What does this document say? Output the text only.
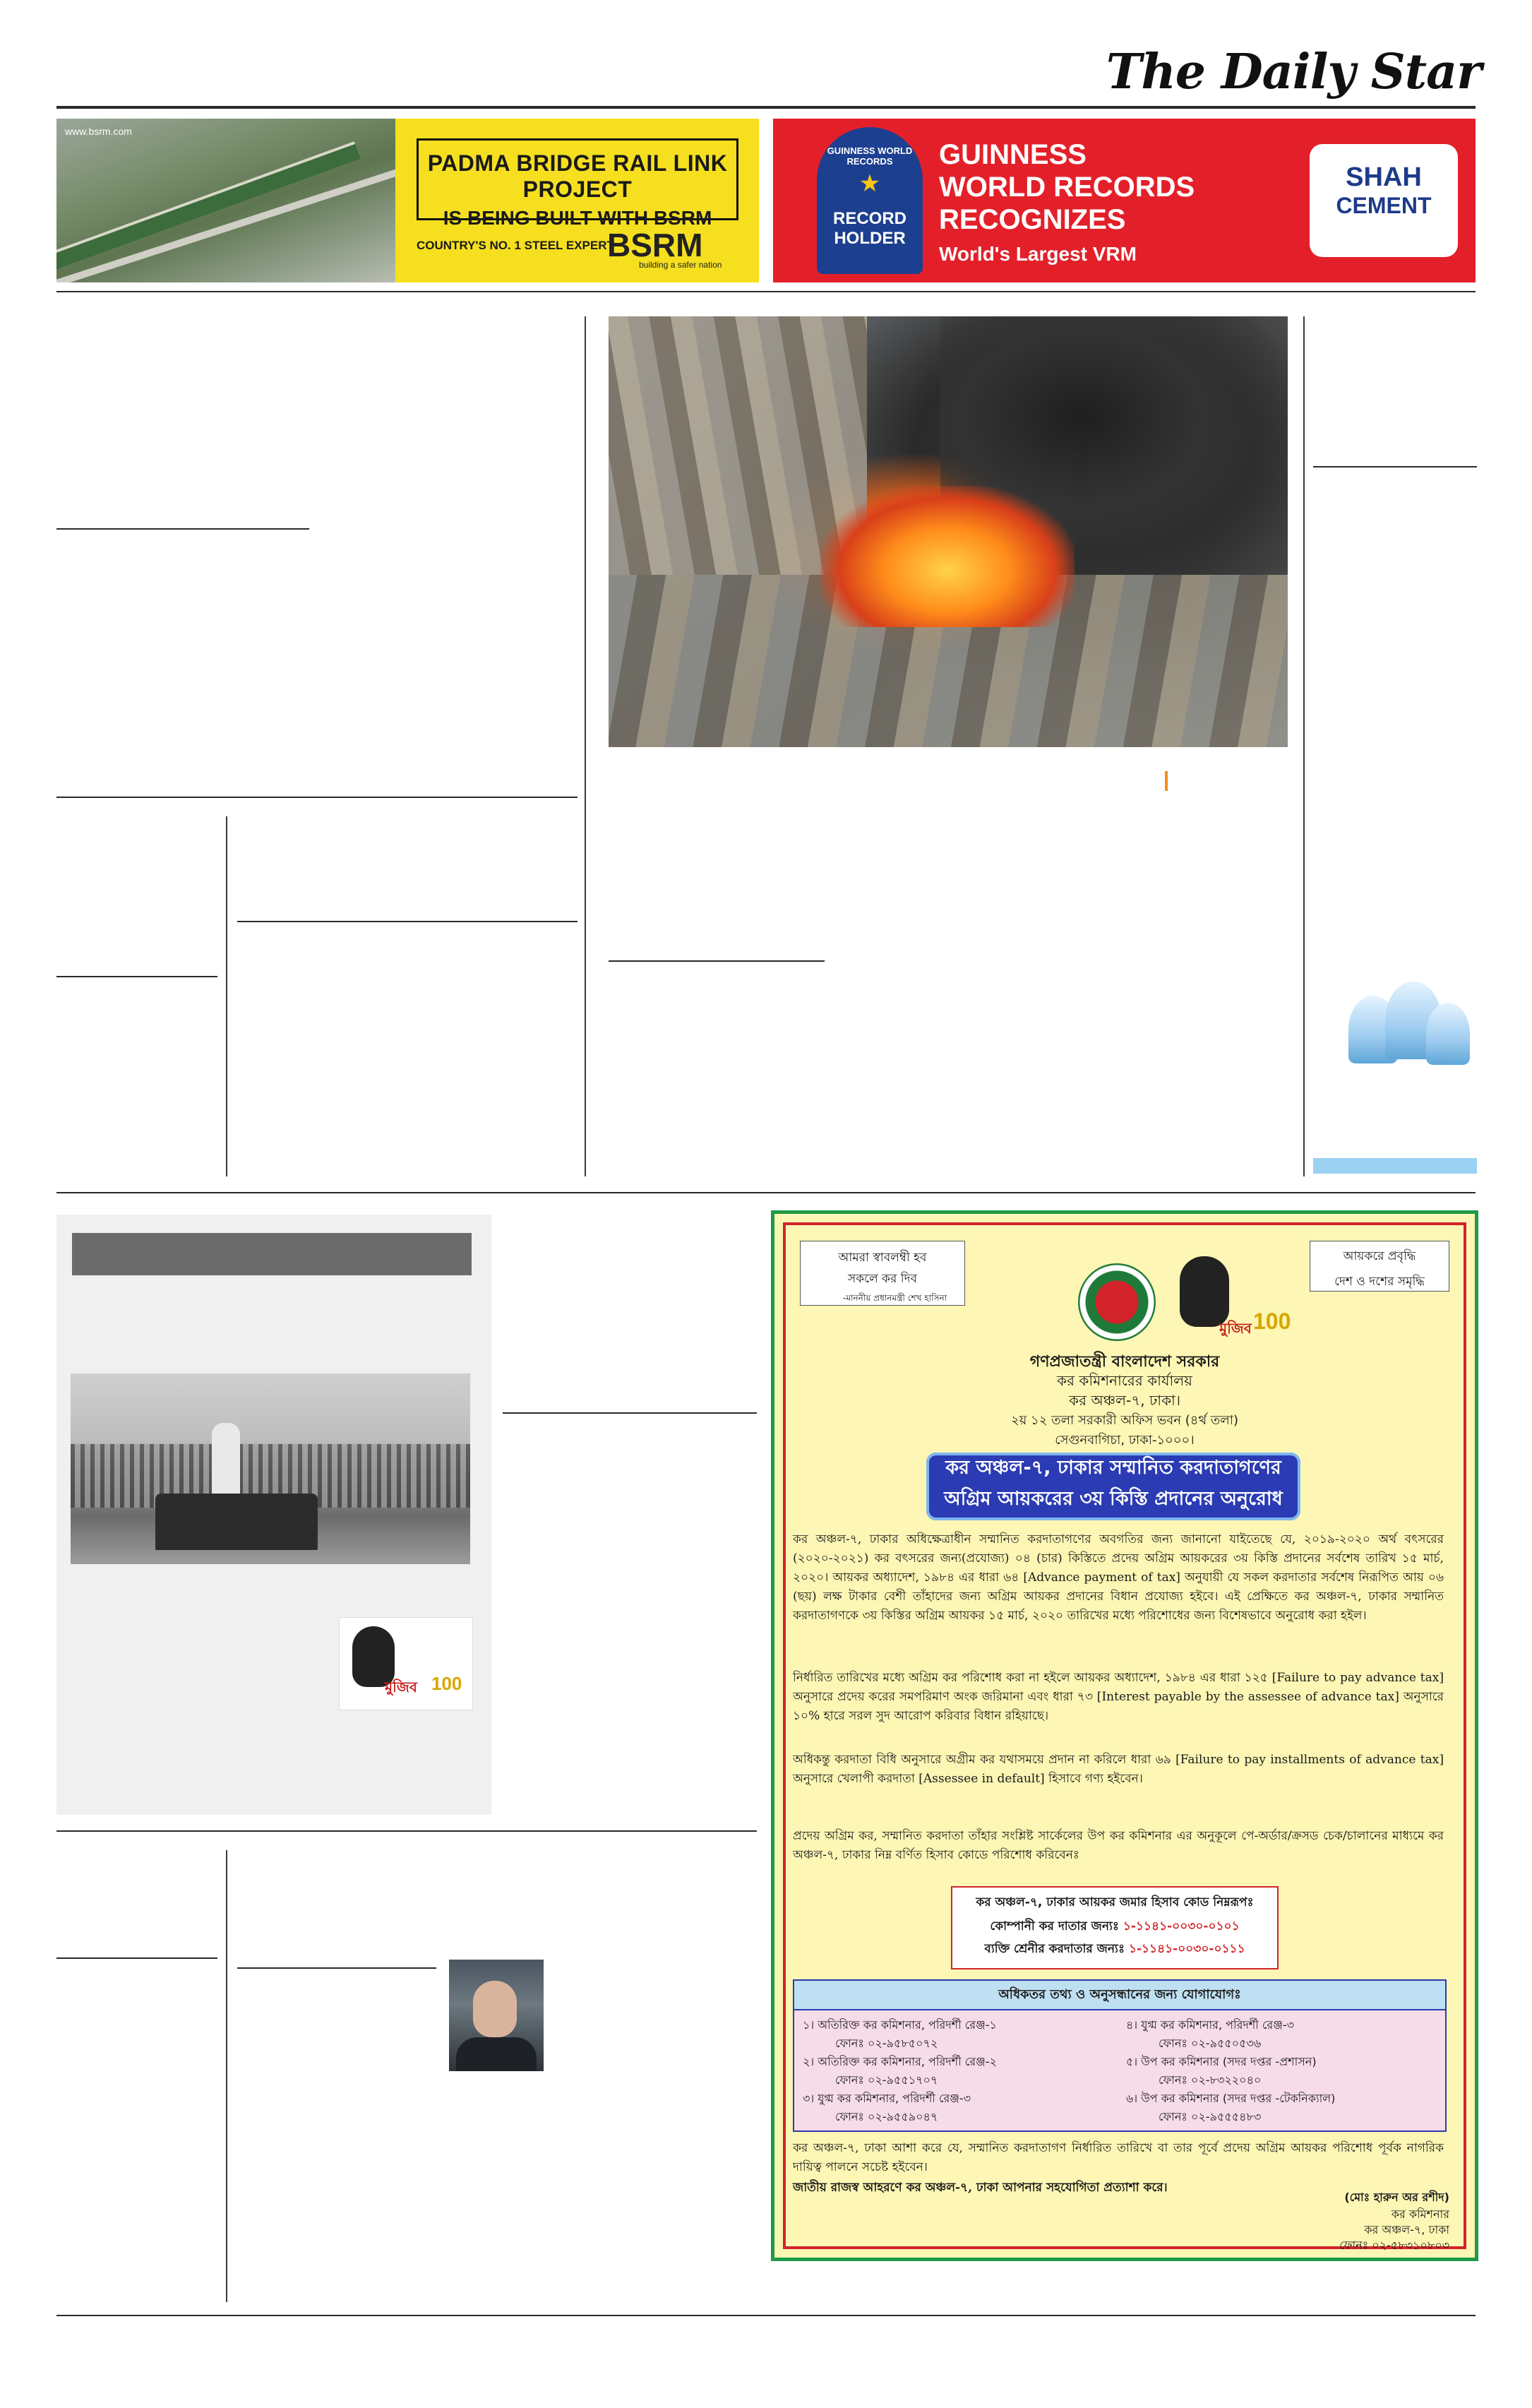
The Daily Star
www.bsrm.com
PADMA BRIDGE RAIL LINK PROJECT
IS BEING BUILT WITH BSRM
COUNTRY'S NO. 1 STEEL EXPERT
BSRM
building a safer nation
GUINNESS WORLD RECORDS
★
RECORD HOLDER
GUINNESS
WORLD RECORDS
RECOGNIZES
World's Largest VRM
SHAH
CEMENT
মুজিব 100
আমরা স্বাবলম্বী হব
সকলে কর দিব
-মাননীয় প্রধানমন্ত্রী শেখ হাসিনা
আয়করে প্রবৃদ্ধি
দেশ ও দশের সমৃদ্ধি
মুজিব 100
গণপ্রজাতন্ত্রী বাংলাদেশ সরকার
কর কমিশনারের কার্যালয়
কর অঞ্চল-৭, ঢাকা।
২য় ১২ তলা সরকারী অফিস ভবন (৪র্থ তলা)
সেগুনবাগিচা, ঢাকা-১০০০।
কর অঞ্চল-৭, ঢাকার সম্মানিত করদাতাগণের
অগ্রিম আয়করের ৩য় কিস্তি প্রদানের অনুরোধ
কর অঞ্চল-৭, ঢাকার অধিক্ষেত্রাধীন সম্মানিত করদাতাগণের অবগতির জন্য জানানো যাইতেছে যে, ২০১৯-২০২০ অর্থ বৎসরের (২০২০-২০২১) কর বৎসরের জন্য(প্রযোজ্য) ০৪ (চার) কিস্তিতে প্রদেয় অগ্রিম আয়করের ৩য় কিস্তি প্রদানের সর্বশেষ তারিখ ১৫ মার্চ, ২০২০। আয়কর অধ্যাদেশ, ১৯৮৪ এর ধারা ৬৪ [Advance payment of tax] অনুযায়ী যে সকল করদাতার সর্বশেষ নিরূপিত আয় ০৬ (ছয়) লক্ষ টাকার বেশী তাঁহাদের জন্য অগ্রিম আয়কর প্রদানের বিধান প্রযোজ্য হইবে। এই প্রেক্ষিতে কর অঞ্চল-৭, ঢাকার সম্মানিত করদাতাগণকে ৩য় কিস্তির অগ্রিম আয়কর ১৫ মার্চ, ২০২০ তারিখের মধ্যে পরিশোধের জন্য বিশেষভাবে অনুরোধ করা হইল।
নির্ধারিত তারিখের মধ্যে অগ্রিম কর পরিশোধ করা না হইলে আয়কর অধ্যাদেশ, ১৯৮৪ এর ধারা ১২৫ [Failure to pay advance tax] অনুসারে প্রদেয় করের সমপরিমাণ অংক জরিমানা এবং ধারা ৭৩ [Interest payable by the assessee of advance tax] অনুসারে ১০% হারে সরল সুদ আরোপ করিবার বিধান রহিয়াছে।
অধিকন্তু করদাতা বিধি অনুসারে অগ্রীম কর যথাসময়ে প্রদান না করিলে ধারা ৬৯ [Failure to pay installments of advance tax] অনুসারে খেলাপী করদাতা [Assessee in default] হিসাবে গণ্য হইবেন।
প্রদেয় অগ্রিম কর, সম্মানিত করদাতা তাঁহার সংশ্লিষ্ট সার্কেলের উপ কর কমিশনার এর অনুকূলে পে-অর্ডার/ক্রসড চেক/চালানের মাধ্যমে কর অঞ্চল-৭, ঢাকার নিম্ন বর্ণিত হিসাব কোডে পরিশোধ করিবেনঃ
কর অঞ্চল-৭, ঢাকার আয়কর জমার হিসাব কোড নিম্নরূপঃ
কোম্পানী কর দাতার জন্যঃ ১-১১৪১-০০৩০-০১০১
ব্যক্তি শ্রেনীর করদাতার জন্যঃ ১-১১৪১-০০৩০-০১১১
অধিকতর তথ্য ও অনুসন্ধানের জন্য যোগাযোগঃ
১। অতিরিক্ত কর কমিশনার, পরিদর্শী রেঞ্জ-১
ফোনঃ ০২-৯৫৮৫০৭২
২। অতিরিক্ত কর কমিশনার, পরিদর্শী রেঞ্জ-২
ফোনঃ ০২-৯৫৫১৭০৭
৩। যুগ্ম কর কমিশনার, পরিদর্শী রেঞ্জ-৩
ফোনঃ ০২-৯৫৫৯০৪৭
৪। যুগ্ম কর কমিশনার, পরিদর্শী রেঞ্জ-৩
ফোনঃ ০২-৯৫৫০৫৩৬
৫। উপ কর কমিশনার (সদর দপ্তর -প্রশাসন)
ফোনঃ ০২-৮৩২২০৪০
৬। উপ কর কমিশনার (সদর দপ্তর -টেকনিক্যাল)
ফোনঃ ০২-৯৫৫৫৪৮৩
কর অঞ্চল-৭, ঢাকা আশা করে যে, সম্মানিত করদাতাগণ নির্ধারিত তারিখে বা তার পূর্বে প্রদেয় অগ্রিম আয়কর পরিশোধ পূর্বক নাগরিক দায়িত্ব পালনে সচেষ্ট হইবেন।
জাতীয় রাজস্ব আহরণে কর অঞ্চল-৭, ঢাকা আপনার সহযোগিতা প্রত্যাশা করে।
(মোঃ হারুন অর রশীদ)
কর কমিশনার
কর অঞ্চল-৭, ঢাকা
ফোনঃ ০২-৫৮৩১০৮০৩
